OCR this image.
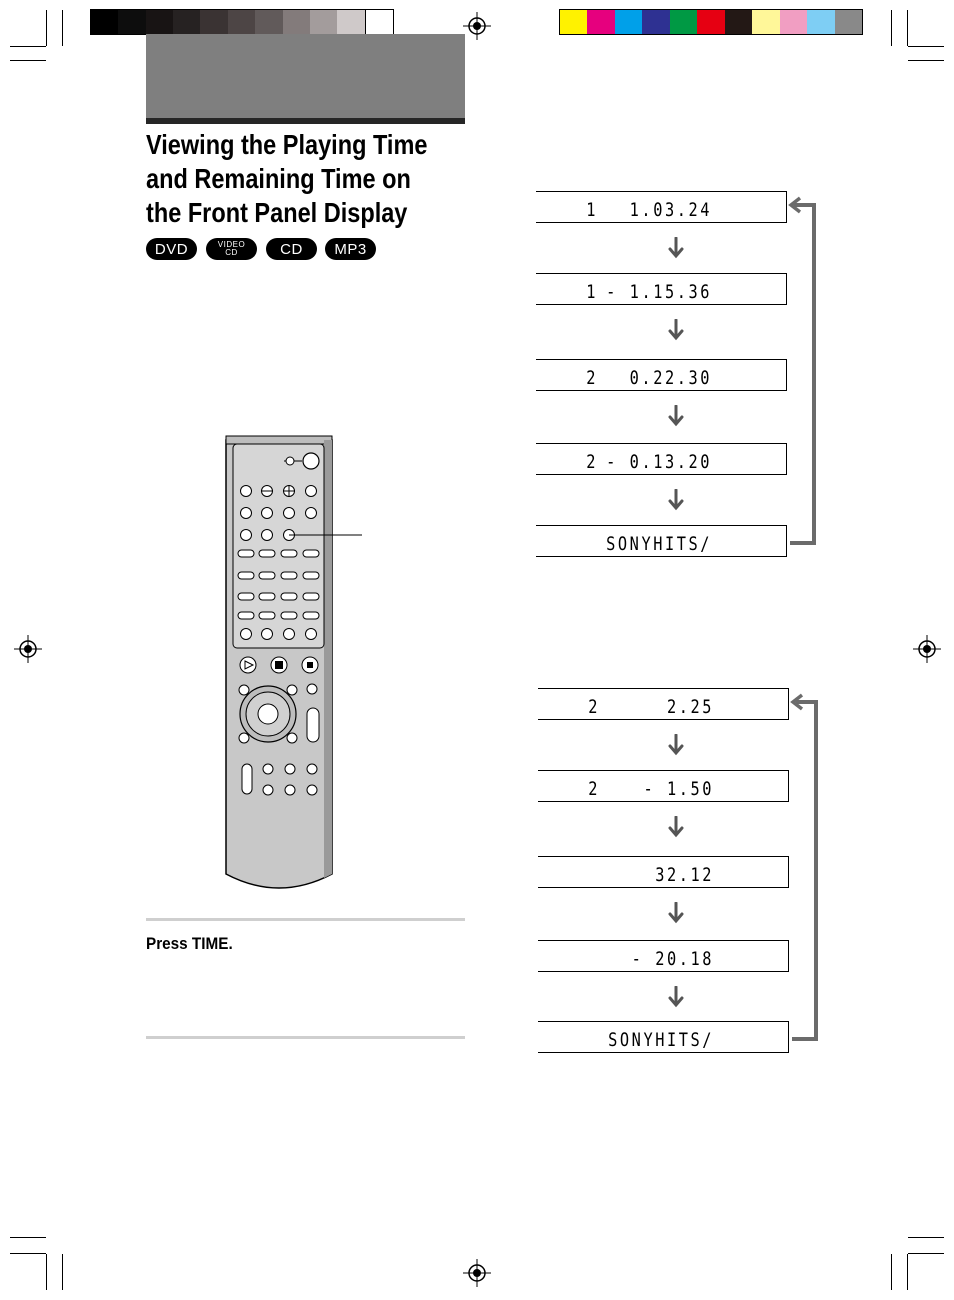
Viewing the Playing Time
and Remaining Time on
the Front Panel Display
DVD	VIDEO
CD	CD	MP3
1 1.03.24
1 - 1.15.36
2 0.22.30
2 - 0.13.20
SONYHITS/
2	2.25
2 - 1.50
32.12
- 20.18
SONYHITS/

Press TIME.
